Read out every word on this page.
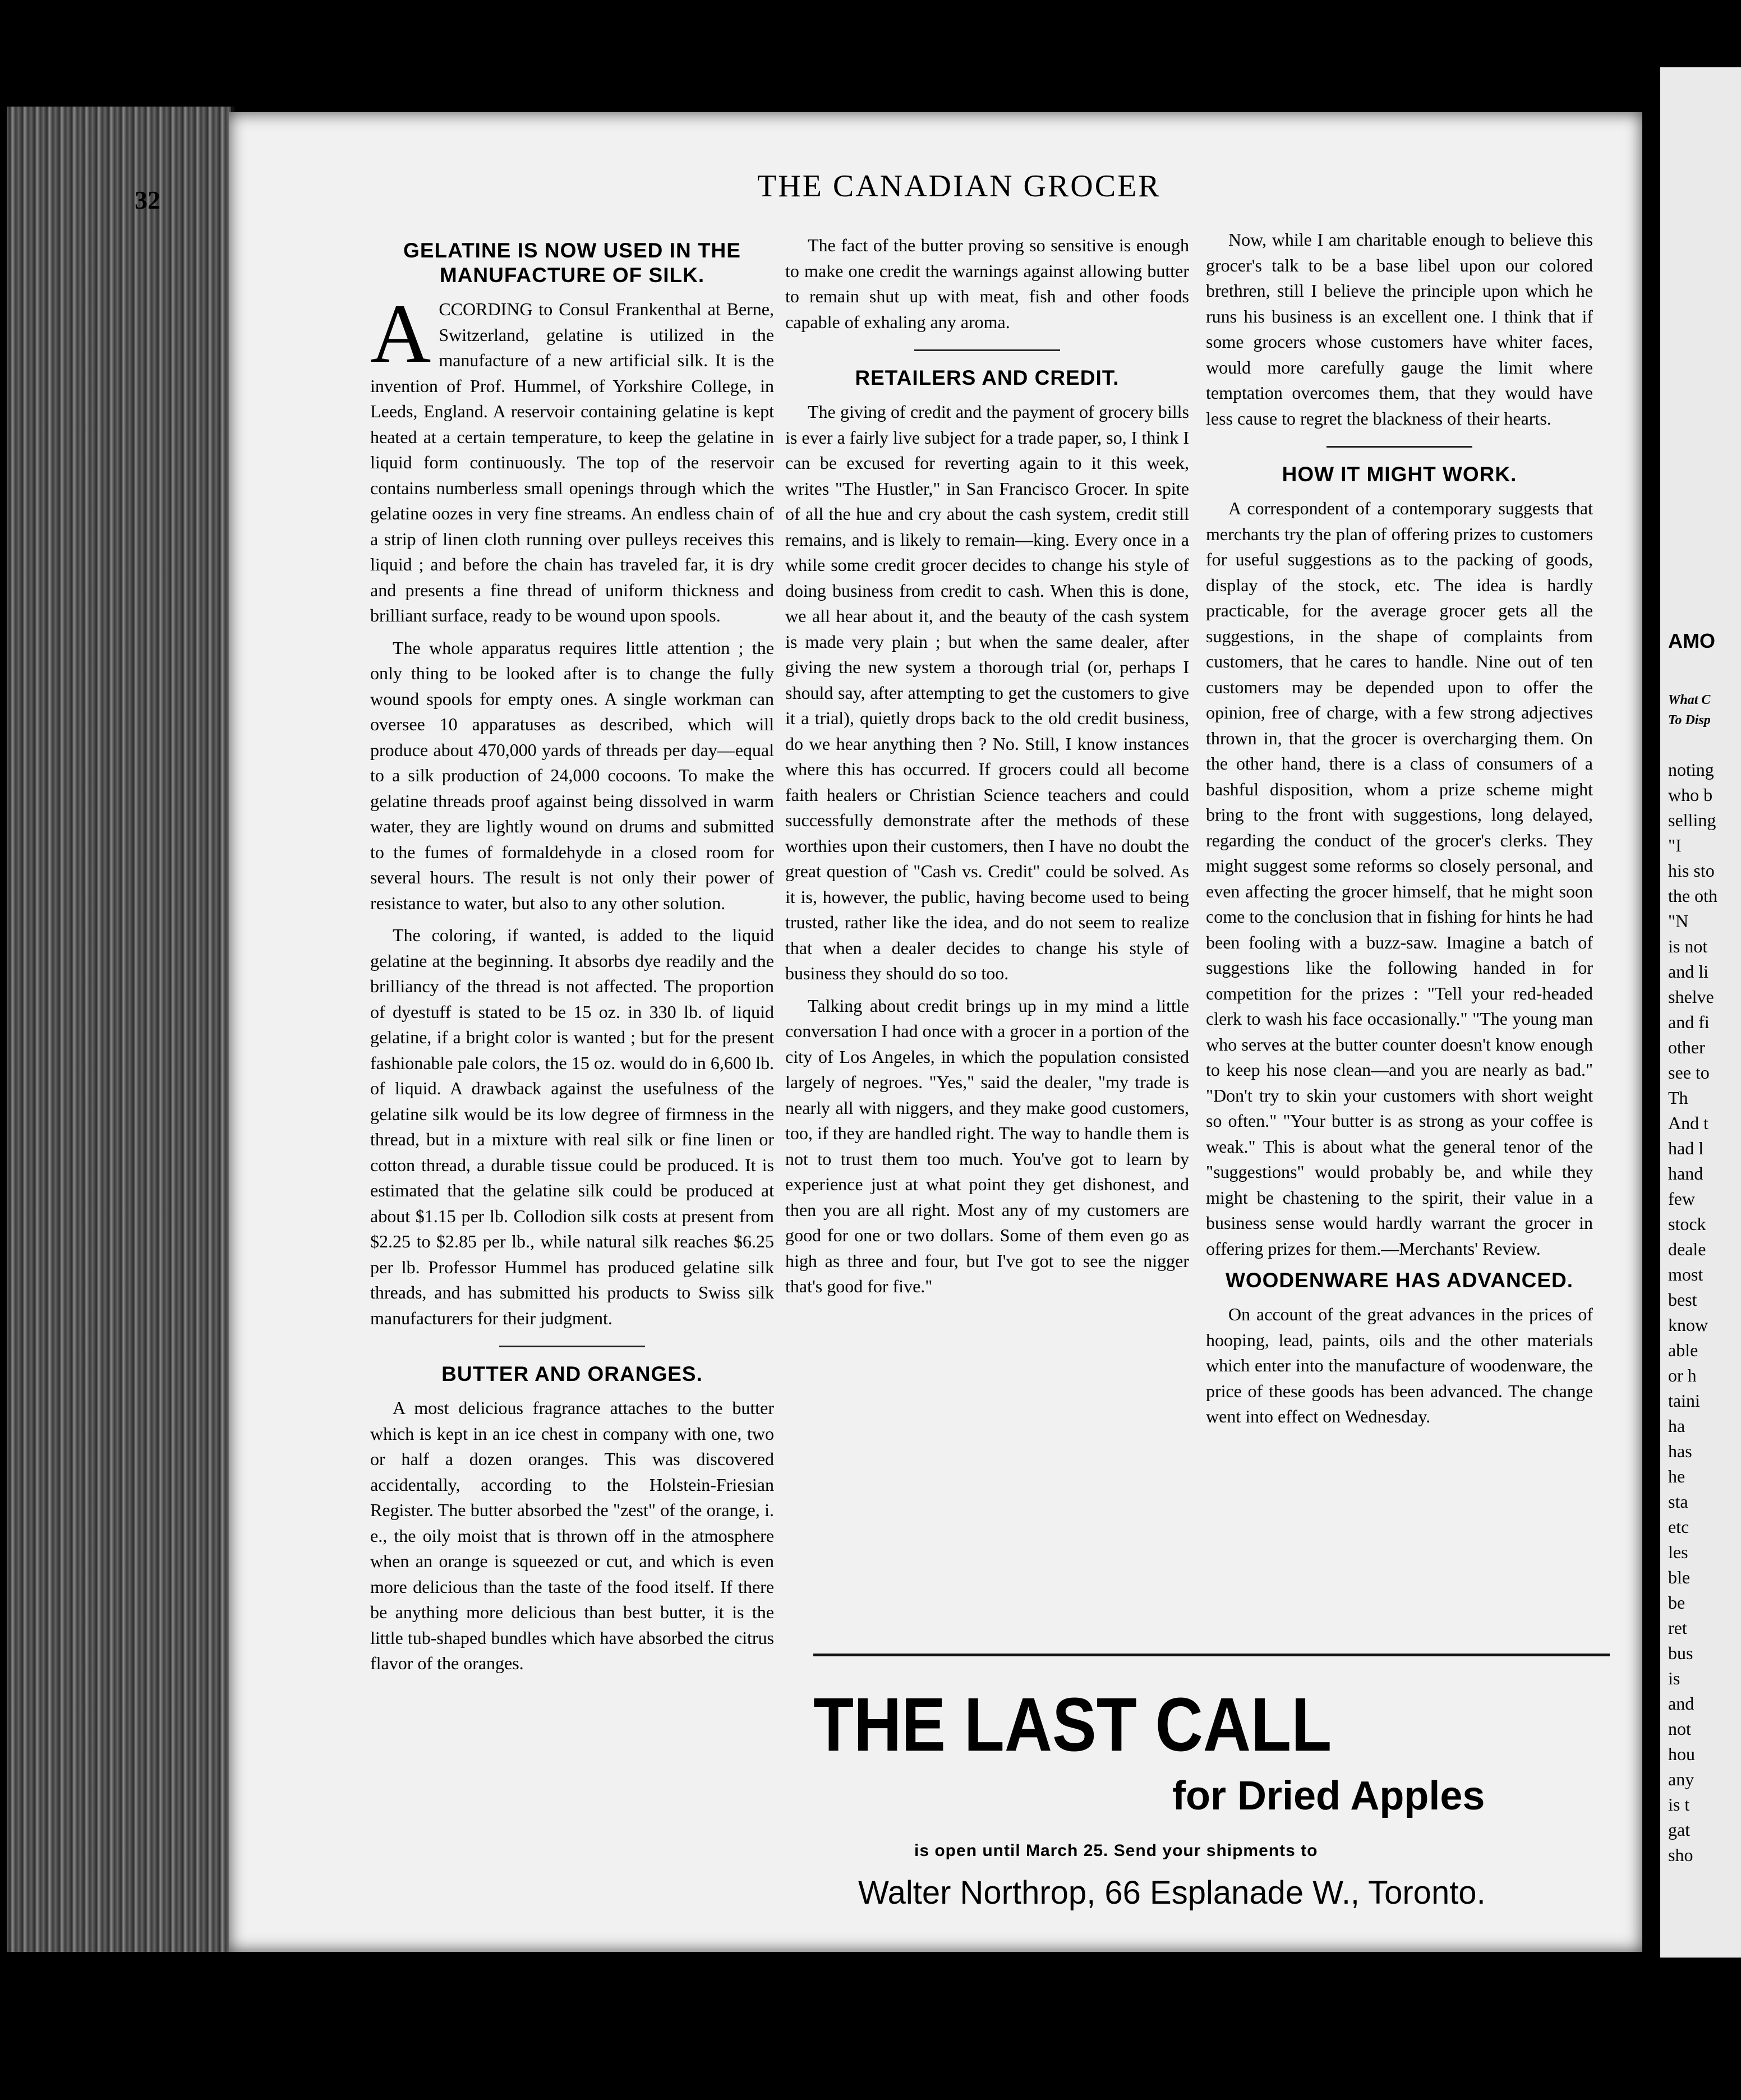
32	THE CANADIAN GROCER
GELATINE IS NOW USED IN THE MANUFACTURE OF SILK.

ACCORDING to Consul Frankenthal at Berne, Switzerland, gelatine is utilized in the manufacture of a new artificial silk. It is the invention of Prof. Hummel, of Yorkshire College, in Leeds, England. A reservoir containing gelatine is kept heated at a certain temperature, to keep the gelatine in liquid form continuously. The top of the reservoir contains numberless small openings through which the gelatine oozes in very fine streams. An endless chain of a strip of linen cloth running over pulleys receives this liquid ; and before the chain has traveled far, it is dry and presents a fine thread of uniform thickness and brilliant surface, ready to be wound upon spools.

The whole apparatus requires little attention ; the only thing to be looked after is to change the fully wound spools for empty ones. A single workman can oversee 10 apparatuses as described, which will produce about 470,000 yards of threads per day—equal to a silk production of 24,000 cocoons. To make the gelatine threads proof against being dissolved in warm water, they are lightly wound on drums and submitted to the fumes of formaldehyde in a closed room for several hours. The result is not only their power of resistance to water, but also to any other solution.

The coloring, if wanted, is added to the liquid gelatine at the beginning. It absorbs dye readily and the brilliancy of the thread is not affected. The proportion of dyestuff is stated to be 15 oz. in 330 lb. of liquid gelatine, if a bright color is wanted ; but for the present fashionable pale colors, the 15 oz. would do in 6,600 lb. of liquid. A drawback against the usefulness of the gelatine silk would be its low degree of firmness in the thread, but in a mixture with real silk or fine linen or cotton thread, a durable tissue could be produced. It is estimated that the gelatine silk could be produced at about $1.15 per lb. Collodion silk costs at present from $2.25 to $2.85 per lb., while natural silk reaches $6.25 per lb. Professor Hummel has produced gelatine silk threads, and has submitted his products to Swiss silk manufacturers for their judgment.

BUTTER AND ORANGES.

A most delicious fragrance attaches to the butter which is kept in an ice chest in company with one, two or half a dozen oranges. This was discovered accidentally, according to the Holstein-Friesian Register. The butter absorbed the "zest" of the orange, i. e., the oily moist that is thrown off in the atmosphere when an orange is squeezed or cut, and which is even more delicious than the taste of the food itself. If there be anything more delicious than best butter, it is the little tub-shaped bundles which have absorbed the citrus flavor of the oranges.

The fact of the butter proving so sensitive is enough to make one credit the warnings against allowing butter to remain shut up with meat, fish and other foods capable of exhaling any aroma.

RETAILERS AND CREDIT.

The giving of credit and the payment of grocery bills is ever a fairly live subject for a trade paper, so, I think I can be excused for reverting again to it this week, writes "The Hustler," in San Francisco Grocer. In spite of all the hue and cry about the cash system, credit still remains, and is likely to remain—king. Every once in a while some credit grocer decides to change his style of doing business from credit to cash. When this is done, we all hear about it, and the beauty of the cash system is made very plain ; but when the same dealer, after giving the new system a thorough trial (or, perhaps I should say, after attempting to get the customers to give it a trial), quietly drops back to the old credit business, do we hear anything then ? No. Still, I know instances where this has occurred. If grocers could all become faith healers or Christian Science teachers and could successfully demonstrate after the methods of these worthies upon their customers, then I have no doubt the great question of "Cash vs. Credit" could be solved. As it is, however, the public, having become used to being trusted, rather like the idea, and do not seem to realize that when a dealer decides to change his style of business they should do so too.

Talking about credit brings up in my mind a little conversation I had once with a grocer in a portion of the city of Los Angeles, in which the population consisted largely of negroes. "Yes," said the dealer, "my trade is nearly all with niggers, and they make good customers, too, if they are handled right. The way to handle them is not to trust them too much. You've got to learn by experience just at what point they get dishonest, and then you are all right. Most any of my customers are good for one or two dollars. Some of them even go as high as three and four, but I've got to see the nigger that's good for five."

Now, while I am charitable enough to believe this grocer's talk to be a base libel upon our colored brethren, still I believe the principle upon which he runs his business is an excellent one. I think that if some grocers whose customers have whiter faces, would more carefully gauge the limit where temptation overcomes them, that they would have less cause to regret the blackness of their hearts.

HOW IT MIGHT WORK.

A correspondent of a contemporary suggests that merchants try the plan of offering prizes to customers for useful suggestions as to the packing of goods, display of the stock, etc. The idea is hardly practicable, for the average grocer gets all the suggestions, in the shape of complaints from customers, that he cares to handle. Nine out of ten customers may be depended upon to offer the opinion, free of charge, with a few strong adjectives thrown in, that the grocer is overcharging them. On the other hand, there is a class of consumers of a bashful disposition, whom a prize scheme might bring to the front with suggestions, long delayed, regarding the conduct of the grocer's clerks. They might suggest some reforms so closely personal, and even affecting the grocer himself, that he might soon come to the conclusion that in fishing for hints he had been fooling with a buzz-saw. Imagine a batch of suggestions like the following handed in for competition for the prizes : "Tell your red-headed clerk to wash his face occasionally." "The young man who serves at the butter counter doesn't know enough to keep his nose clean—and you are nearly as bad." "Don't try to skin your customers with short weight so often." "Your butter is as strong as your coffee is weak." This is about what the general tenor of the "suggestions" would probably be, and while they might be chastening to the spirit, their value in a business sense would hardly warrant the grocer in offering prizes for them.—Merchants' Review.

WOODENWARE HAS ADVANCED.

On account of the great advances in the prices of hooping, lead, paints, oils and the other materials which enter into the manufacture of woodenware, the price of these goods has been advanced. The change went into effect on Wednesday.

THE LAST CALL
for Dried Apples
is open until March 25. Send your shipments to
Walter Northrop, 66 Esplanade W., Toronto.
AMO
What C
To Disp
noting
who b
selling
"I
his sto
the oth
"N
is not
and li
shelve
and fi
other
see to
Th
And t
had l
hand
few
stock
deale
most
best
know
able
or h
taini
ha
has
he
sta
etc
les
ble
be
ret
bus
is
and
not
hou
any
is t
gat
sho
